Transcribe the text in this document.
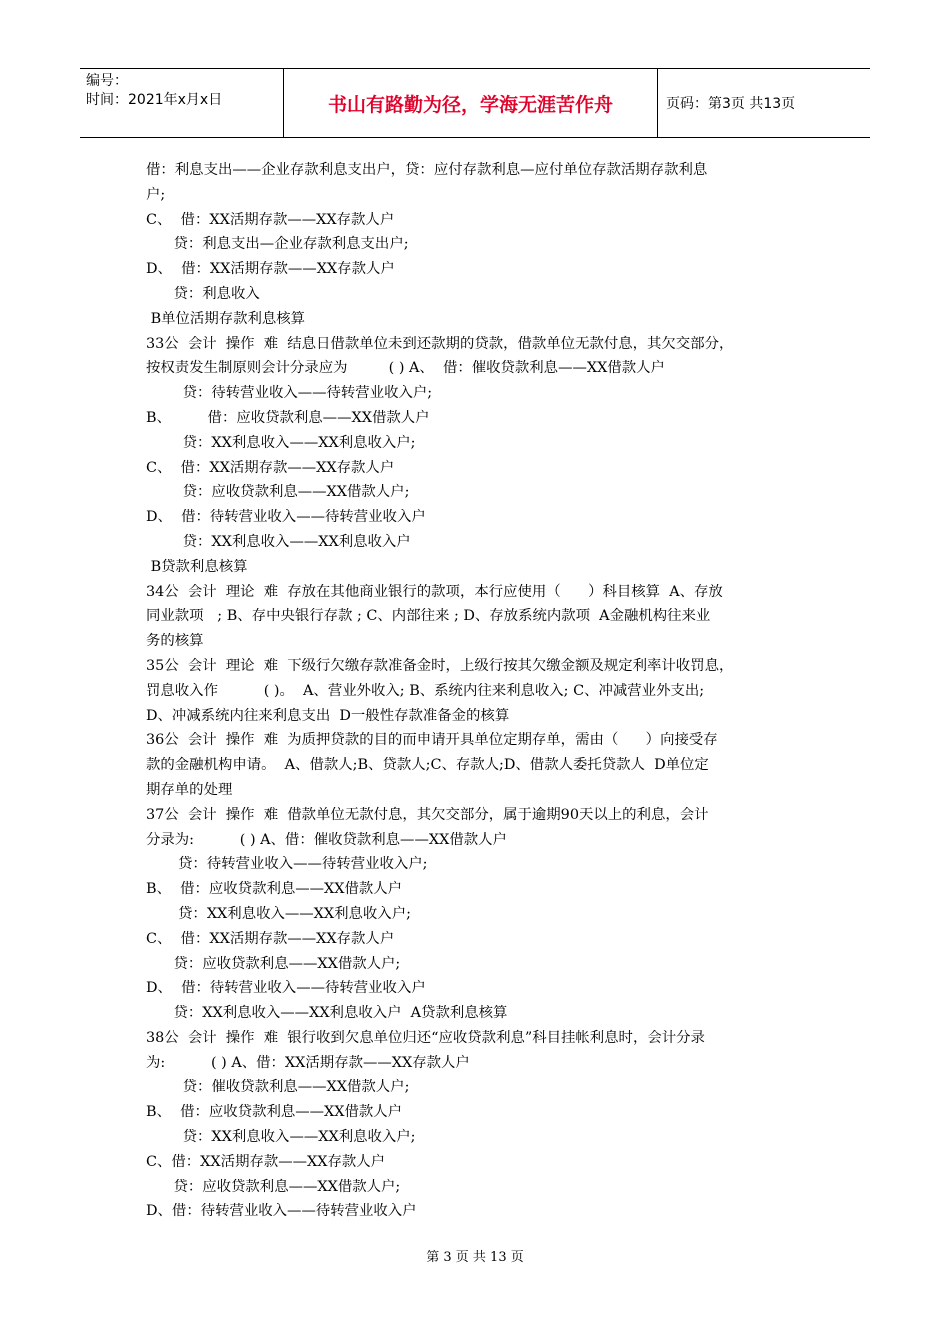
编号：
时间：2021年x月x日	书山有路勤为径，学海无涯苦作舟	页码：第3页 共13页

借：利息支出——企业存款利息支出户，贷：应付存款利息—应付单位存款活期存款利息

户;

C、  借：XX活期存款——XX存款人户

贷：利息支出—企业存款利息支出户;

D、  借：XX活期存款——XX存款人户

贷：利息收入

B单位活期存款利息核算

33公  会计  操作  难  结息日借款单位未到还款期的贷款，借款单位无款付息，其欠交部分，

按权责发生制原则会计分录应为         ( ) A、  借：催收贷款利息——XX借款人户

贷：待转营业收入——待转营业收入户;

B、        借：应收贷款利息——XX借款人户

贷：XX利息收入——XX利息收入户;

C、  借：XX活期存款——XX存款人户

贷：应收贷款利息——XX借款人户;

D、  借：待转营业收入——待转营业收入户

贷：XX利息收入——XX利息收入户

B贷款利息核算

34公  会计  理论  难  存放在其他商业银行的款项，本行应使用（      ）科目核算  A、存放

同业款项   ; B、存中央银行存款 ; C、内部往来 ; D、存放系统内款项  A金融机构往来业

务的核算

35公  会计  理论  难  下级行欠缴存款准备金时，上级行按其欠缴金额及规定利率计收罚息，

罚息收入作          ( )。  A、营业外收入; B、系统内往来利息收入; C、冲减营业外支出;

D、冲减系统内往来利息支出  D一般性存款准备金的核算

36公  会计  操作  难  为质押贷款的目的而申请开具单位定期存单，需由（      ）向接受存

款的金融机构申请。  A、借款人;B、贷款人;C、存款人;D、借款人委托贷款人  D单位定

期存单的处理

37公  会计  操作  难  借款单位无款付息，其欠交部分，属于逾期90天以上的利息，会计

分录为:          ( ) A、借：催收贷款利息——XX借款人户

贷：待转营业收入——待转营业收入户;

B、  借：应收贷款利息——XX借款人户

贷：XX利息收入——XX利息收入户;

C、  借：XX活期存款——XX存款人户

贷：应收贷款利息——XX借款人户;

D、  借：待转营业收入——待转营业收入户

贷：XX利息收入——XX利息收入户  A贷款利息核算

38公  会计  操作  难  银行收到欠息单位归还“应收贷款利息”科目挂帐利息时，会计分录

为:          ( ) A、借：XX活期存款——XX存款人户

贷：催收贷款利息——XX借款人户;

B、  借：应收贷款利息——XX借款人户

贷：XX利息收入——XX利息收入户;

C、借：XX活期存款——XX存款人户

贷：应收贷款利息——XX借款人户;

D、借：待转营业收入——待转营业收入户

第 3 页 共 13 页
